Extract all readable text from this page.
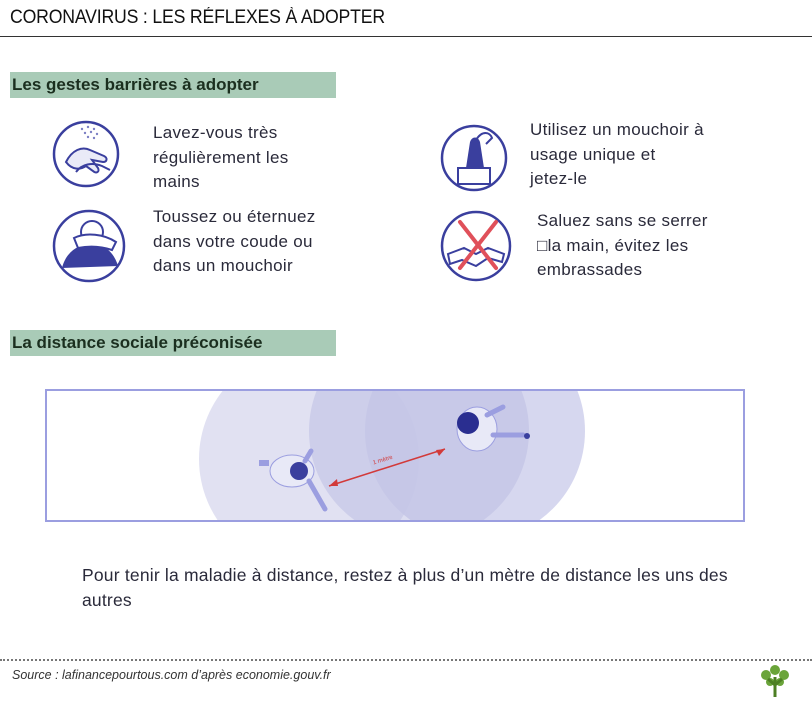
CORONAVIRUS : LES RÉFLEXES À ADOPTER
Les gestes barrières à adopter
Lavez-vous très
régulièrement les
mains
Utilisez un mouchoir à
usage unique et
jetez-le
Toussez ou éternuez
dans votre coude ou
dans un mouchoir
Saluez sans se serrer
□la main, évitez les
embrassades
La distance sociale préconisée
1 mètre
Pour tenir la maladie à distance, restez à plus d’un mètre de distance les uns des autres
Source : lafinancepourtous.com d’après economie.gouv.fr
